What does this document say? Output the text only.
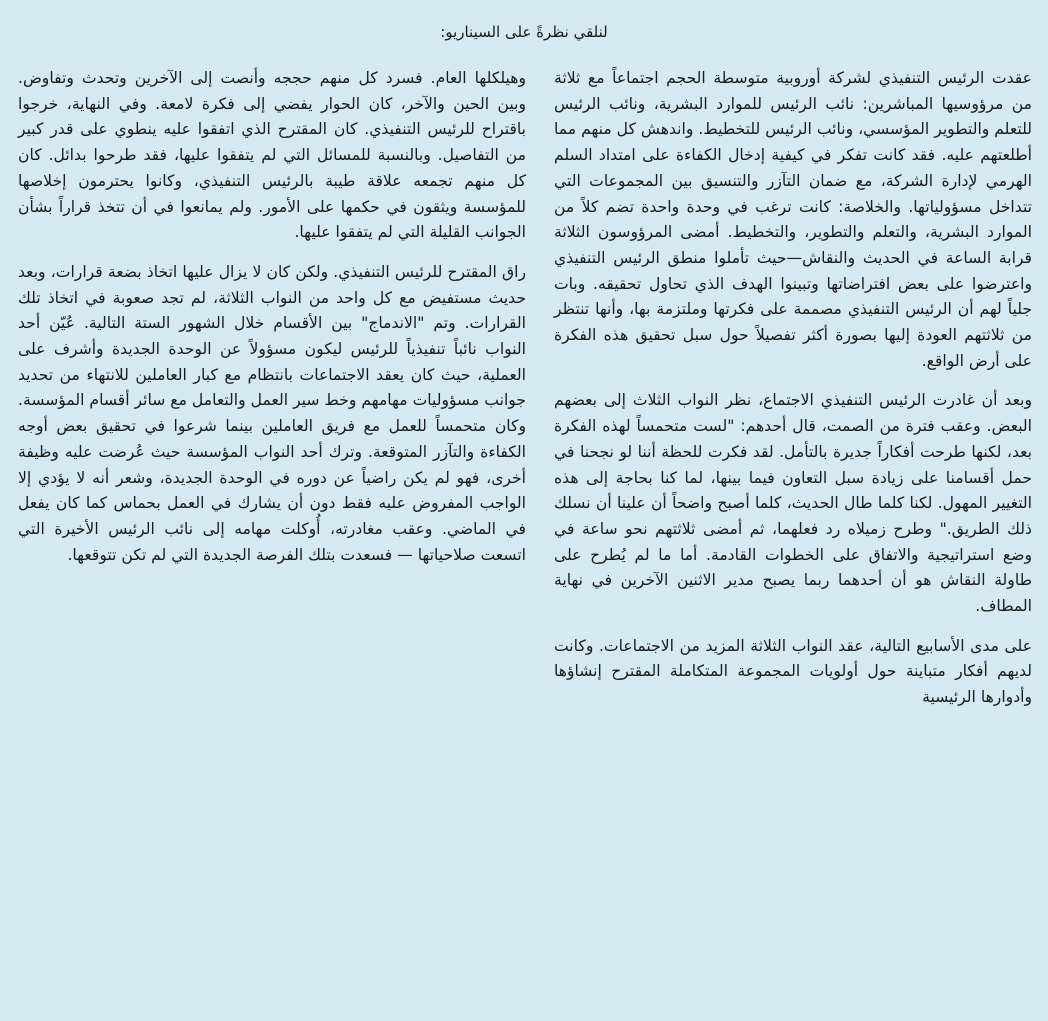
لنلقي نظرةً على السيناريو:

عقدت الرئيس التنفيذي لشركة أوروبية متوسطة الحجم اجتماعاً مع ثلاثة من مرؤوسيها المباشرين: نائب الرئيس للموارد البشرية، ونائب الرئيس للتعلم والتطوير المؤسسي، ونائب الرئيس للتخطيط. واندهش كل منهم مما أطلعتهم عليه. فقد كانت تفكر في كيفية إدخال الكفاءة على امتداد السلم الهرمي لإدارة الشركة، مع ضمان التآزر والتنسيق بين المجموعات التي تتداخل مسؤولياتها. والخلاصة: كانت ترغب في وحدة واحدة تضم كلاً من الموارد البشرية، والتعلم والتطوير، والتخطيط. أمضى المرؤوسون الثلاثة قرابة الساعة في الحديث والنقاش—حيث تأملوا منطق الرئيس التنفيذي واعترضوا على بعض افتراضاتها وتبينوا الهدف الذي تحاول تحقيقه. وبات جلياً لهم أن الرئيس التنفيذي مصممة على فكرتها وملتزمة بها، وأنها تنتظر من ثلاثتهم العودة إليها بصورة أكثر تفصيلاً حول سبل تحقيق هذه الفكرة على أرض الواقع.

وبعد أن غادرت الرئيس التنفيذي الاجتماع، نظر النواب الثلاث إلى بعضهم البعض. وعقب فترة من الصمت، قال أحدهم: "لست متحمساً لهذه الفكرة بعد، لكنها طرحت أفكاراً جديرة بالتأمل. لقد فكرت للحظة أننا لو نجحنا في حمل أقسامنا على زيادة سبل التعاون فيما بينها، لما كنا بحاجة إلى هذه التغيير المهول. لكنا كلما طال الحديث، كلما أصبح واضحاً أن علينا أن نسلك ذلك الطريق." وطرح زميلاه رد فعلهما، ثم أمضى ثلاثتهم نحو ساعة في وضع استراتيجية والاتفاق على الخطوات القادمة. أما ما لم يُطرح على طاولة النقاش هو أن أحدهما ربما يصبح مدير الاثنين الآخرين في نهاية المطاف.

على مدى الأسابيع التالية، عقد النواب الثلاثة المزيد من الاجتماعات. وكانت لديهم أفكار متباينة حول أولويات المجموعة المتكاملة المقترح إنشاؤها وأدوارها الرئيسية

وهيلكلها العام. فسرد كل منهم حججه وأنصت إلى الآخرين وتحدث وتفاوض. وبين الحين والآخر، كان الحوار يفضي إلى فكرة لامعة. وفي النهاية، خرجوا باقتراح للرئيس التنفيذي. كان المقترح الذي اتفقوا عليه ينطوي على قدر كبير من التفاصيل. وبالنسبة للمسائل التي لم يتفقوا عليها، فقد طرحوا بدائل. كان كل منهم تجمعه علاقة طيبة بالرئيس التنفيذي، وكانوا يحترمون إخلاصها للمؤسسة ويثقون في حكمها على الأمور. ولم يمانعوا في أن تتخذ قراراً بشأن الجوانب القليلة التي لم يتفقوا عليها.

راق المقترح للرئيس التنفيذي. ولكن كان لا يزال عليها اتخاذ بضعة قرارات، وبعد حديث مستفيض مع كل واحد من النواب الثلاثة، لم تجد صعوبة في اتخاذ تلك القرارات. وتم "الاندماج" بين الأقسام خلال الشهور الستة التالية. عُيّن أحد النواب نائباً تنفيذياً للرئيس ليكون مسؤولاً عن الوحدة الجديدة وأشرف على العملية، حيث كان يعقد الاجتماعات بانتظام مع كبار العاملين للانتهاء من تحديد جوانب مسؤوليات مهامهم وخط سير العمل والتعامل مع سائر أقسام المؤسسة. وكان متحمساً للعمل مع فريق العاملين بينما شرعوا في تحقيق بعض أوجه الكفاءة والتآزر المتوقعة. وترك أحد النواب المؤسسة حيث عُرضت عليه وظيفة أخرى، فهو لم يكن راضياً عن دوره في الوحدة الجديدة، وشعر أنه لا يؤدي إلا الواجب المفروض عليه فقط دون أن يشارك في العمل بحماس كما كان يفعل في الماضي. وعقب مغادرته، أُوكلت مهامه إلى نائب الرئيس الأخيرة التي اتسعت صلاحياتها — فسعدت بتلك الفرصة الجديدة التي لم تكن تتوقعها.
